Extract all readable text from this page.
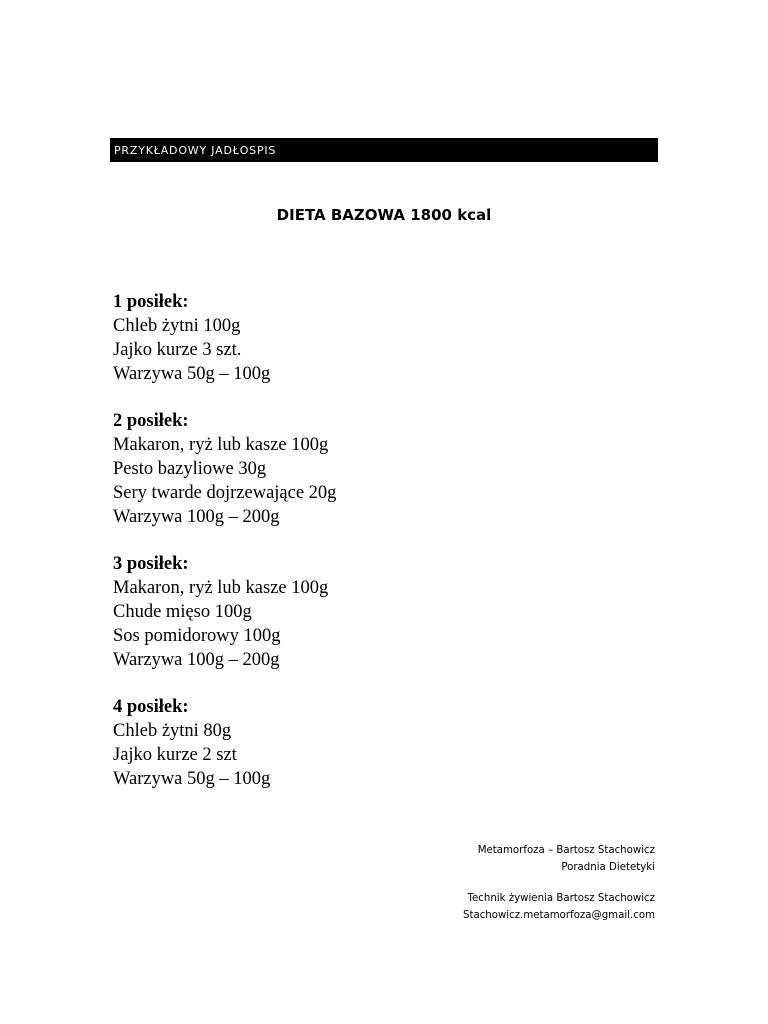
PRZYKŁADOWY JADŁOSPIS
DIETA BAZOWA 1800 kcal
1 posiłek:
Chleb żytni 100g
Jajko kurze 3 szt.
Warzywa 50g – 100g
2 posiłek:
Makaron, ryż lub kasze 100g
Pesto bazyliowe 30g
Sery twarde dojrzewające 20g
Warzywa 100g – 200g
3 posiłek:
Makaron, ryż lub kasze 100g
Chude mięso 100g
Sos pomidorowy 100g
Warzywa 100g – 200g
4 posiłek:
Chleb żytni 80g
Jajko kurze 2 szt
Warzywa 50g – 100g
Metamorfoza – Bartosz Stachowicz
Poradnia Dietetyki
Technik żywienia Bartosz Stachowicz
Stachowicz.metamorfoza@gmail.com
